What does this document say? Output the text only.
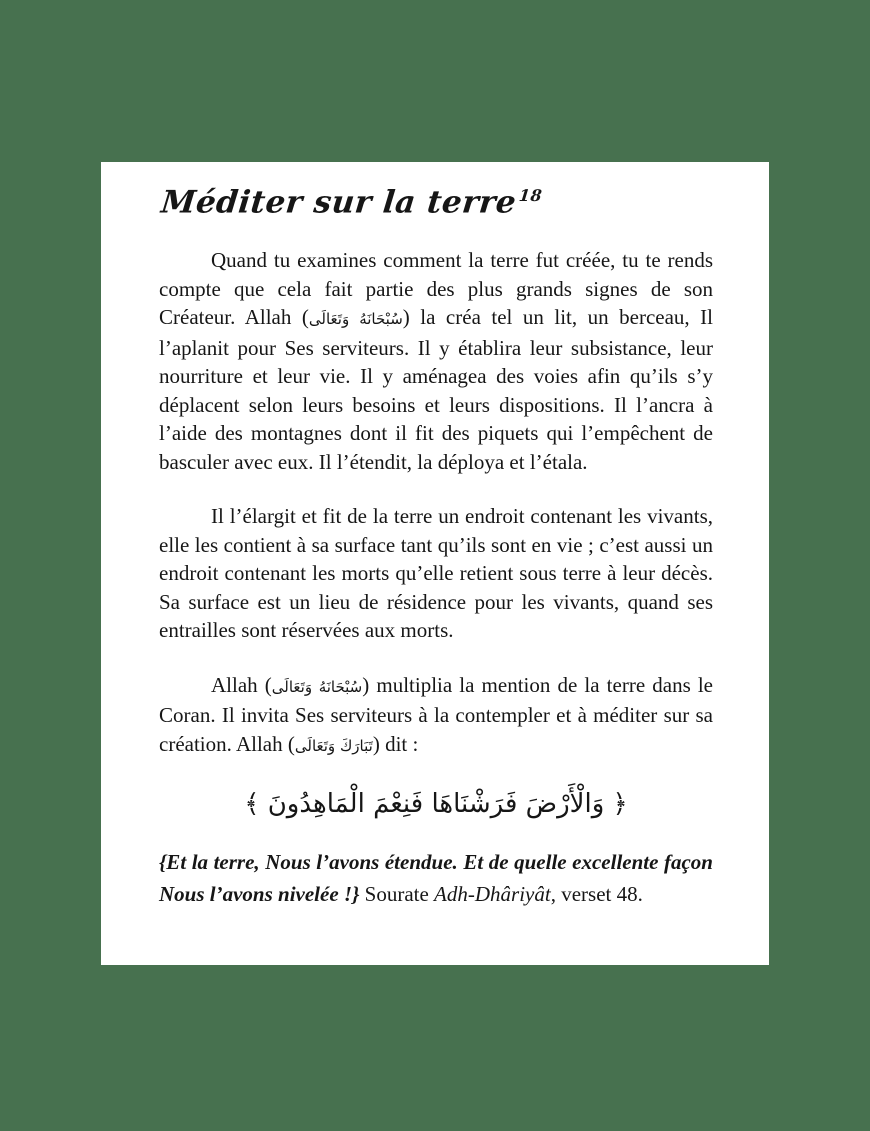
Méditer sur la terre$^{18}$

Quand tu examines comment la terre fut créée, tu te rends compte que cela fait partie des plus grands signes de son Créateur. Allah (سُبْحَانَهُ وَتَعَالَى) la créa tel un lit, un berceau, Il l’aplanit pour Ses serviteurs. Il y établira leur subsistance, leur nourriture et leur vie. Il y aménagea des voies afin qu’ils s’y déplacent selon leurs besoins et leurs dispositions. Il l’ancra à l’aide des montagnes dont il fit des piquets qui l’empêchent de basculer avec eux. Il l’étendit, la déploya et l’étala.

Il l’élargit et fit de la terre un endroit contenant les vivants, elle les contient à sa surface tant qu’ils sont en vie ; c’est aussi un endroit contenant les morts qu’elle retient sous terre à leur décès. Sa surface est un lieu de résidence pour les vivants, quand ses entrailles sont réservées aux morts.

Allah (سُبْحَانَهُ وَتَعَالَى) multiplia la mention de la terre dans le Coran. Il invita Ses serviteurs à la contempler et à méditer sur sa création. Allah (تَبَارَكَ وَتَعَالَى) dit :

﴿ وَالْأَرْضَ فَرَشْنَاهَا فَنِعْمَ الْمَاهِدُونَ ﴾

{Et la terre, Nous l’avons étendue. Et de quelle excellente façon Nous l’avons nivelée !} Sourate Adh-Dhâriyât, verset 48.
